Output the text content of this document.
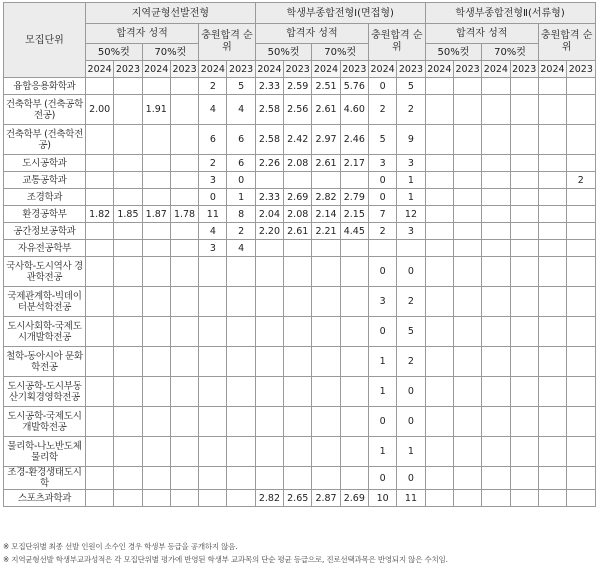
모집단위	지역균형선발전형						학생부종합전형Ⅰ(면접형)						학생부종합전형Ⅱ(서류형)					
	합격자 성적				충원합격 순위		합격자 성적				충원합격 순위		합격자 성적				충원합격 순위	
	50%컷		70%컷				50%컷		70%컷				50%컷		70%컷			
	2024	2023	2024	2023	2024	2023	2024	2023	2024	2023	2024	2023	2024	2023	2024	2023	2024	2023
융합응용화학과					2	5	2.33	2.59	2.51	5.76	0	5						
건축학부 (건축공학전공)	2.00		1.91		4	4	2.58	2.56	2.61	4.60	2	2						
건축학부 (건축학전공)					6	6	2.58	2.42	2.97	2.46	5	9						
도시공학과					2	6	2.26	2.08	2.61	2.17	3	3						
교통공학과					3	0					0	1						2
조경학과					0	1	2.33	2.69	2.82	2.79	0	1						
환경공학부	1.82	1.85	1.87	1.78	11	8	2.04	2.08	2.14	2.15	7	12						
공간정보공학과					4	2	2.20	2.61	2.21	4.45	2	3						
자유전공학부					3	4												
국사학-도시역사 경관학전공											0	0						
국제관계학-빅데이 터분석학전공											3	2						
도시사회학-국제도 시개발학전공											0	5						
철학-동아시아 문화학전공											1	2						
도시공학-도시부동 산기획경영학전공											1	0						
도시공학-국제도시 개발학전공											0	0						
물리학-나노반도체 물리학											1	1						
조경-환경생태도시학											0	0						
스포츠과학과							2.82	2.65	2.87	2.69	10	11						
※ 모집단위별 최종 선발 인원이 소수인 경우 학생부 등급을 공개하지 않음.
※ 지역균형선발 학생부교과성적은 각 모집단위별 평가에 반영된 학생부 교과목의 단순 평균 등급으로, 진로선택과목은 반영되지 않은 수치임.
